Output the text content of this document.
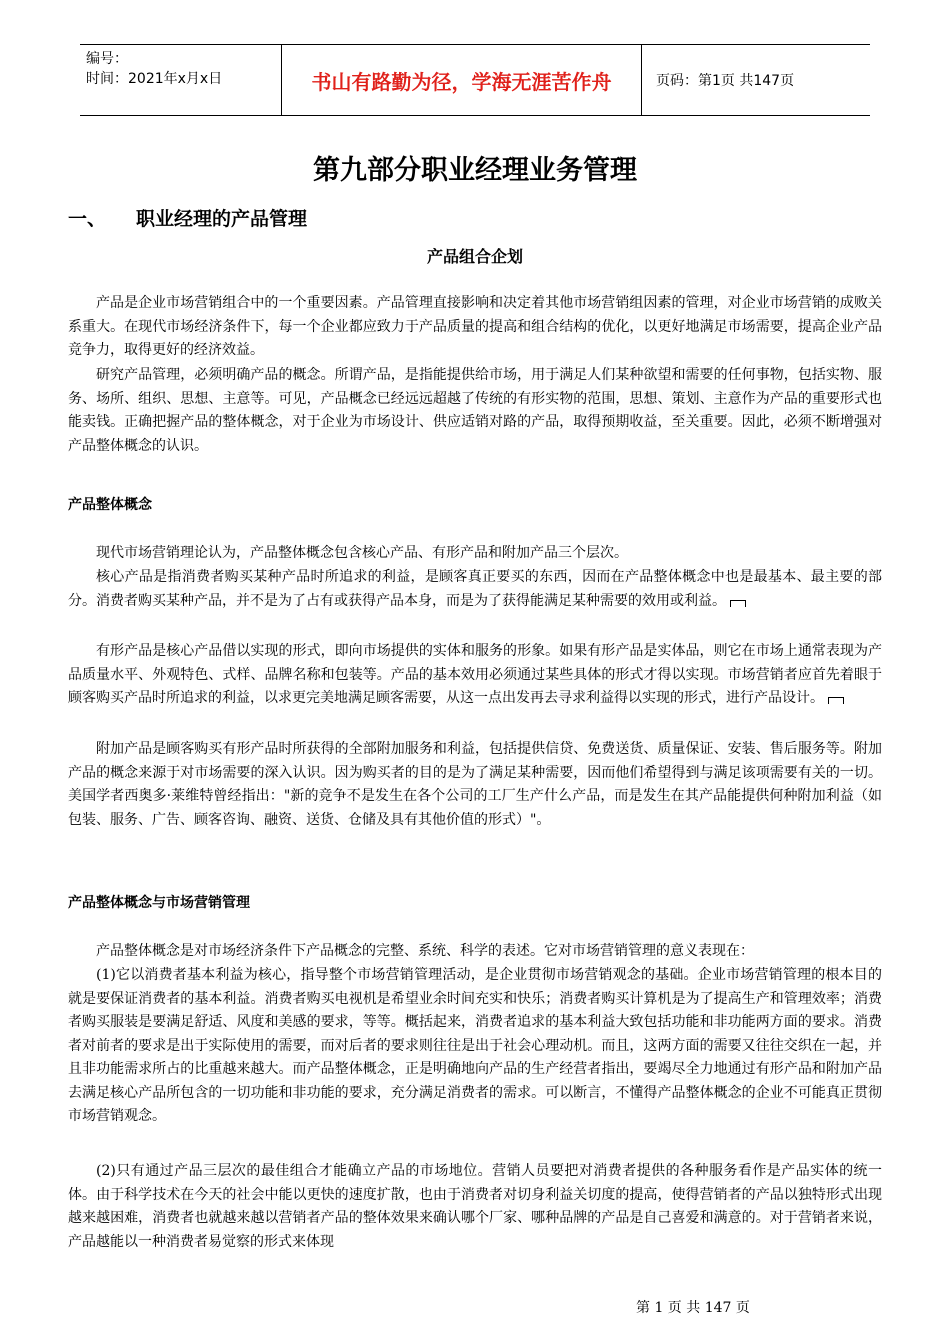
编号：
时间：2021年x月x日	书山有路勤为径，学海无涯苦作舟	页码：第1页 共147页
第九部分职业经理业务管理
一、	职业经理的产品管理
产品组合企划

产品是企业市场营销组合中的一个重要因素。产品管理直接影响和决定着其他市场营销组因素的管理，对企业市场营销的成败关系重大。在现代市场经济条件下，每一个企业都应致力于产品质量的提高和组合结构的优化，以更好地满足市场需要，提高企业产品竞争力，取得更好的经济效益。

研究产品管理，必须明确产品的概念。所谓产品，是指能提供给市场，用于满足人们某种欲望和需要的任何事物，包括实物、服务、场所、组织、思想、主意等。可见，产品概念已经远远超越了传统的有形实物的范围，思想、策划、主意作为产品的重要形式也能卖钱。正确把握产品的整体概念，对于企业为市场设计、供应适销对路的产品，取得预期收益，至关重要。因此，必须不断增强对产品整体概念的认识。

产品整体概念

现代市场营销理论认为，产品整体概念包含核心产品、有形产品和附加产品三个层次。

核心产品是指消费者购买某种产品时所追求的利益，是顾客真正要买的东西，因而在产品整体概念中也是最基本、最主要的部分。消费者购买某种产品，并不是为了占有或获得产品本身，而是为了获得能满足某种需要的效用或利益。

有形产品是核心产品借以实现的形式，即向市场提供的实体和服务的形象。如果有形产品是实体品，则它在市场上通常表现为产品质量水平、外观特色、式样、品牌名称和包装等。产品的基本效用必须通过某些具体的形式才得以实现。市场营销者应首先着眼于顾客购买产品时所追求的利益，以求更完美地满足顾客需要，从这一点出发再去寻求利益得以实现的形式，进行产品设计。

附加产品是顾客购买有形产品时所获得的全部附加服务和利益，包括提供信贷、免费送货、质量保证、安装、售后服务等。附加产品的概念来源于对市场需要的深入认识。因为购买者的目的是为了满足某种需要，因而他们希望得到与满足该项需要有关的一切。美国学者西奥多·莱维特曾经指出："新的竞争不是发生在各个公司的工厂生产什么产品，而是发生在其产品能提供何种附加利益（如包装、服务、广告、顾客咨询、融资、送货、仓储及具有其他价值的形式）"。

产品整体概念与市场营销管理

产品整体概念是对市场经济条件下产品概念的完整、系统、科学的表述。它对市场营销管理的意义表现在：

(1)它以消费者基本利益为核心，指导整个市场营销管理活动，是企业贯彻市场营销观念的基础。企业市场营销管理的根本目的就是要保证消费者的基本利益。消费者购买电视机是希望业余时间充实和快乐；消费者购买计算机是为了提高生产和管理效率；消费者购买服装是要满足舒适、风度和美感的要求，等等。概括起来，消费者追求的基本利益大致包括功能和非功能两方面的要求。消费者对前者的要求是出于实际使用的需要，而对后者的要求则往往是出于社会心理动机。而且，这两方面的需要又往往交织在一起，并且非功能需求所占的比重越来越大。而产品整体概念，正是明确地向产品的生产经营者指出，要竭尽全力地通过有形产品和附加产品去满足核心产品所包含的一切功能和非功能的要求，充分满足消费者的需求。可以断言，不懂得产品整体概念的企业不可能真正贯彻市场营销观念。

(2)只有通过产品三层次的最佳组合才能确立产品的市场地位。营销人员要把对消费者提供的各种服务看作是产品实体的统一体。由于科学技术在今天的社会中能以更快的速度扩散，也由于消费者对切身利益关切度的提高，使得营销者的产品以独特形式出现越来越困难，消费者也就越来越以营销者产品的整体效果来确认哪个厂家、哪种品牌的产品是自己喜爱和满意的。对于营销者来说，产品越能以一种消费者易觉察的形式来体现

第 1 页 共 147 页
